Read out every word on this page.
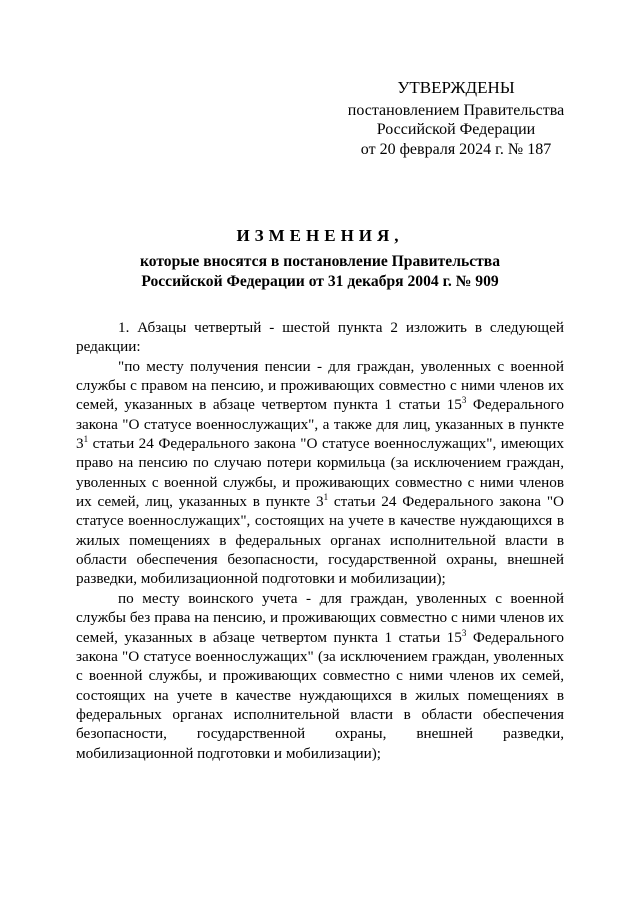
УТВЕРЖДЕНЫ
постановлением Правительства
Российской Федерации
от 20 февраля 2024 г. № 187
ИЗМЕНЕНИЯ,
которые вносятся в постановление Правительства
Российской Федерации от 31 декабря 2004 г. № 909

1. Абзацы четвертый - шестой пункта 2 изложить в следующей редакции:

"по месту получения пенсии - для граждан, уволенных с военной службы с правом на пенсию, и проживающих совместно с ними членов их семей, указанных в абзаце четвертом пункта 1 статьи $15^3$ Федерального закона "О статусе военнослужащих", а также для лиц, указанных в пункте $3^1$ статьи 24 Федерального закона "О статусе военнослужащих", имеющих право на пенсию по случаю потери кормильца (за исключением граждан, уволенных с военной службы, и проживающих совместно с ними членов их семей, лиц, указанных в пункте $3^1$ статьи 24 Федерального закона "О статусе военнослужащих", состоящих на учете в качестве нуждающихся в жилых помещениях в федеральных органах исполнительной власти в области обеспечения безопасности, государственной охраны, внешней разведки, мобилизационной подготовки и мобилизации);

по месту воинского учета - для граждан, уволенных с военной службы без права на пенсию, и проживающих совместно с ними членов их семей, указанных в абзаце четвертом пункта 1 статьи $15^3$ Федерального закона "О статусе военнослужащих" (за исключением граждан, уволенных с военной службы, и проживающих совместно с ними членов их семей, состоящих на учете в качестве нуждающихся в жилых помещениях в федеральных органах исполнительной власти в области обеспечения безопасности, государственной охраны, внешней разведки, мобилизационной подготовки и мобилизации);
